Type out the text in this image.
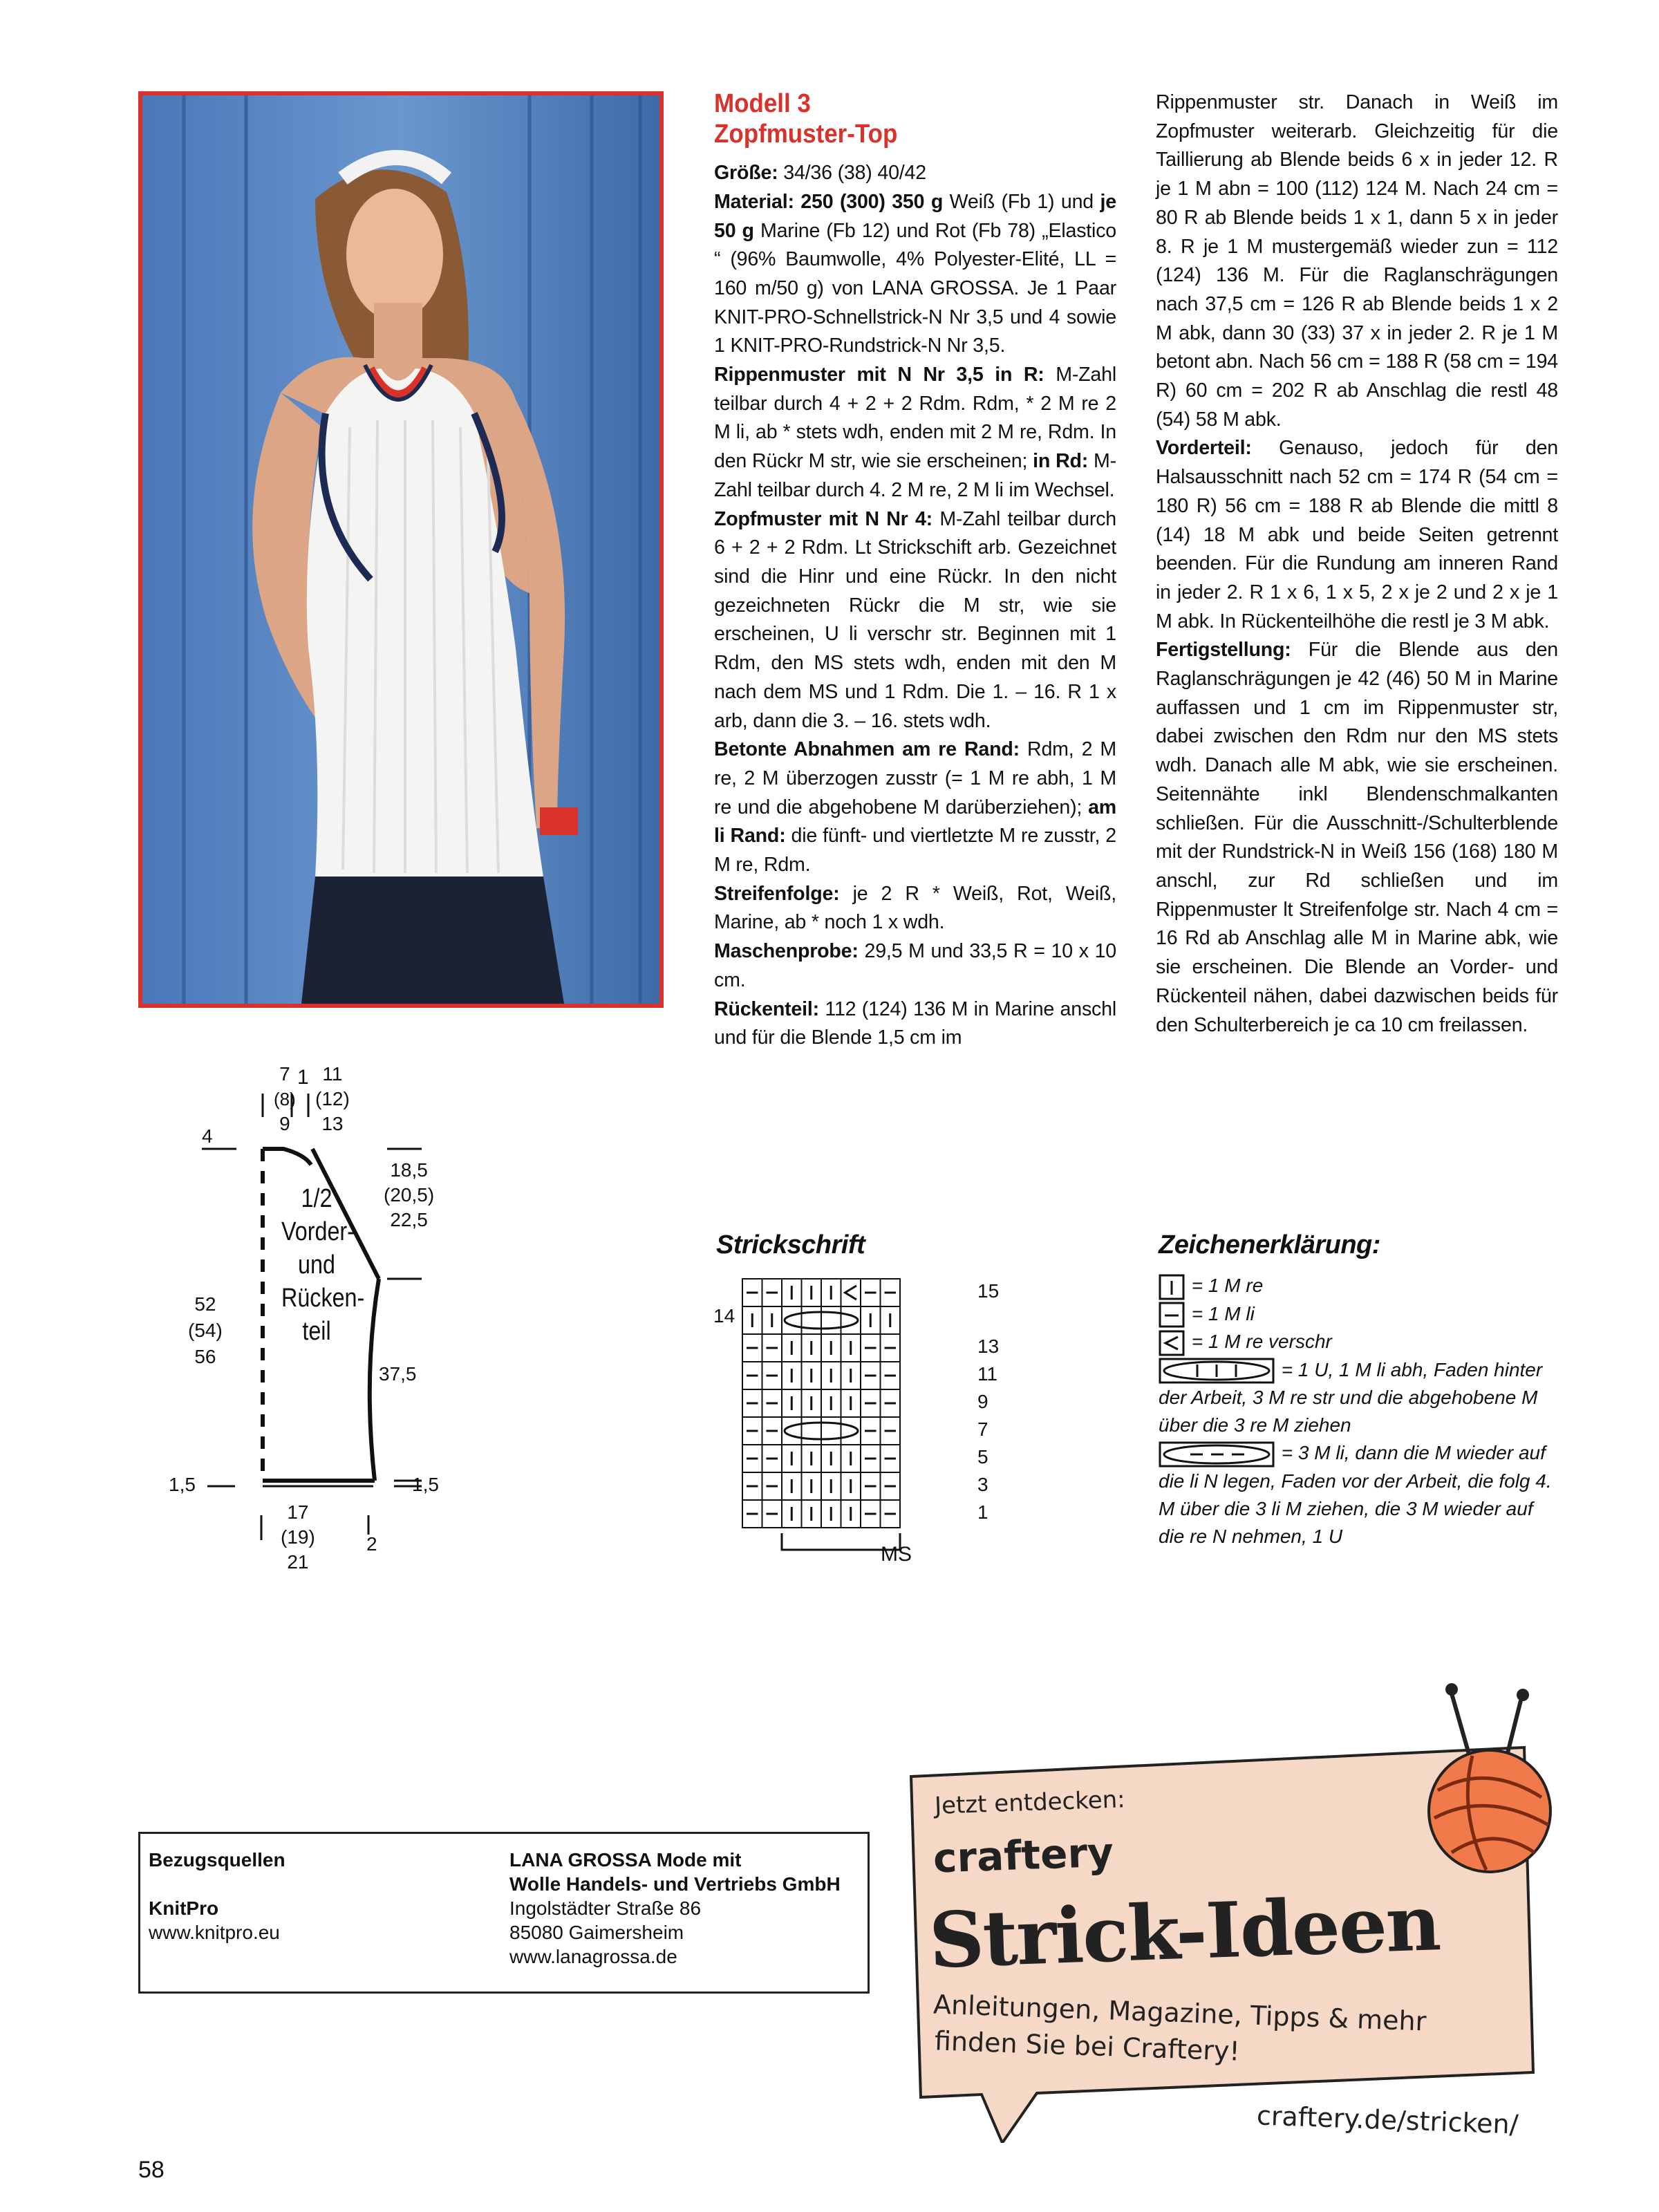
Modell 3
Zopfmuster-Top

Größe: 34/36 (38) 40/42

Material: 250 (300) 350 g Weiß (Fb 1) und je 50 g Marine (Fb 12) und Rot (Fb 78) „Elastico “ (96% Baumwolle, 4% Polyester-Elité, LL = 160 m/50 g) von LANA GROSSA. Je 1 Paar KNIT-PRO-Schnellstrick-N Nr 3,5 und 4 sowie 1 KNIT-PRO-Rundstrick-N Nr 3,5.

Rippenmuster mit N Nr 3,5 in R: M-Zahl teilbar durch 4 + 2 + 2 Rdm. Rdm, * 2 M re 2 M li, ab * stets wdh, enden mit 2 M re, Rdm. In den Rückr M str, wie sie erscheinen; in Rd: M-Zahl teilbar durch 4. 2 M re, 2 M li im Wechsel.

Zopfmuster mit N Nr 4: M-Zahl teilbar durch 6 + 2 + 2 Rdm. Lt Strickschift arb. Gezeichnet sind die Hinr und eine Rückr. In den nicht gezeichneten Rückr die M str, wie sie erscheinen, U li verschr str. Beginnen mit 1 Rdm, den MS stets wdh, enden mit den M nach dem MS und 1 Rdm. Die 1. – 16. R 1 x arb, dann die 3. – 16. stets wdh.

Betonte Abnahmen am re Rand: Rdm, 2 M re, 2 M überzogen zusstr (= 1 M re abh, 1 M re und die abgehobene M darüberziehen); am li Rand: die fünft- und viertletzte M re zusstr, 2 M re, Rdm.

Streifenfolge: je 2 R * Weiß, Rot, Weiß, Marine, ab * noch 1 x wdh.

Maschenprobe: 29,5 M und 33,5 R = 10 x 10 cm.

Rückenteil: 112 (124) 136 M in Marine anschl und für die Blende 1,5 cm im

Rippenmuster str. Danach in Weiß im Zopfmuster weiterarb. Gleichzeitig für die Taillierung ab Blende beids 6 x in jeder 12. R je 1 M abn = 100 (112) 124 M. Nach 24 cm = 80 R ab Blende beids 1 x 1, dann 5 x in jeder 8. R je 1 M mustergemäß wieder zun = 112 (124) 136 M. Für die Raglanschrägungen nach 37,5 cm = 126 R ab Blende beids 1 x 2 M abk, dann 30 (33) 37 x in jeder 2. R je 1 M betont abn. Nach 56 cm = 188 R (58 cm = 194 R) 60 cm = 202 R ab Anschlag die restl 48 (54) 58 M abk.

Vorderteil: Genauso, jedoch für den Halsausschnitt nach 52 cm = 174 R (54 cm = 180 R) 56 cm = 188 R ab Blende die mittl 8 (14) 18 M abk und beide Seiten getrennt beenden. Für die Rundung am inneren Rand in jeder 2. R 1 x 6, 1 x 5, 2 x je 2 und 2 x je 1 M abk. In Rückenteilhöhe die restl je 3 M abk.

Fertigstellung: Für die Blende aus den Raglanschrägungen je 42 (46) 50 M in Marine auffassen und 1 cm im Rippenmuster str, dabei zwischen den Rdm nur den MS stets wdh. Danach alle M abk, wie sie erscheinen. Seitennähte inkl Blendenschmalkanten schließen. Für die Ausschnitt-/Schulterblende mit der Rundstrick-N in Weiß 156 (168) 180 M anschl, zur Rd schließen und im Rippenmuster lt Streifenfolge str. Nach 4 cm = 16 Rd ab Anschlag alle M in Marine abk, wie sie erscheinen. Die Blende an Vorder- und Rückenteil nähen, dabei dazwischen beids für den Schulterbereich je ca 10 cm freilassen.

1/2
Vorder-
und
Rücken-
teil
7
(8)
9
1 11
(12)
13
4
18,5
(20,5)
22,5
52
(54)
56
37,5
1,5	1,5
17
(19)
21
2
Strickschrift
14
15
13
11
9
7
5
3
1
MS
Zeichenerklärung:
= 1 M re
= 1 M li
= 1 M re verschr
= 1 U, 1 M li abh, Faden hinter der Arbeit, 3 M re str und die abgehobene M über die 3 re M ziehen
= 3 M li, dann die M wieder auf die li N legen, Faden vor der Arbeit, die folg 4. M über die 3 li M ziehen, die 3 M wieder auf die re N nehmen, 1 U
Bezugsquellen
KnitPro
www.knitpro.eu
LANA GROSSA Mode mit
Wolle Handels- und Vertriebs GmbH
Ingolstädter Straße 86
85080 Gaimersheim
www.lanagrossa.de
Jetzt entdecken:
craftery
Strick-Ideen
Anleitungen, Magazine, Tipps & mehr
finden Sie bei Craftery!
craftery.de/stricken/
58
